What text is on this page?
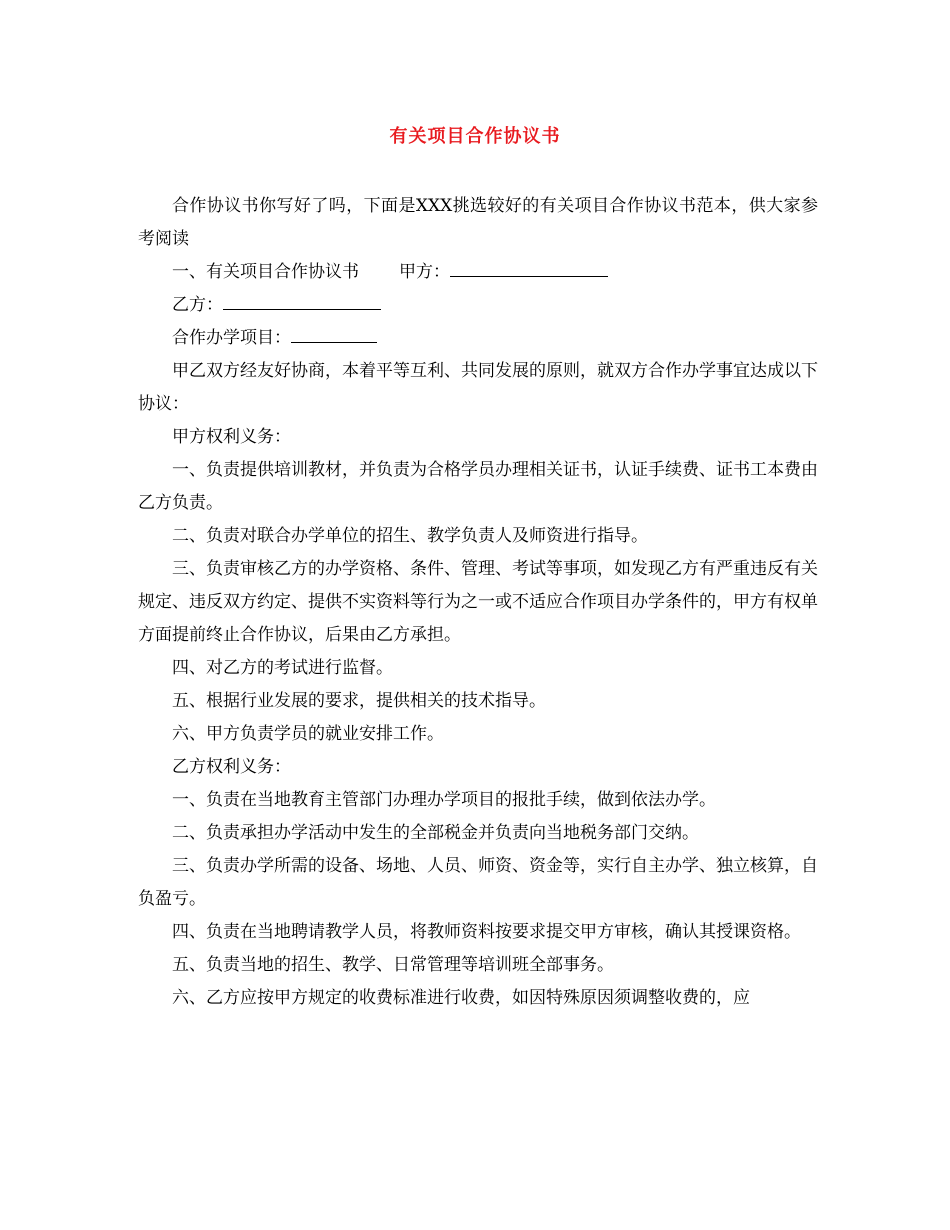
有关项目合作协议书

合作协议书你写好了吗，下面是XXX挑选较好的有关项目合作协议书范本，供大家参考阅读

一、有关项目合作协议书 甲方：

乙方：

合作办学项目：

甲乙双方经友好协商，本着平等互利、共同发展的原则，就双方合作办学事宜达成以下协议：

甲方权利义务：

一、负责提供培训教材，并负责为合格学员办理相关证书，认证手续费、证书工本费由乙方负责。

二、负责对联合办学单位的招生、教学负责人及师资进行指导。

三、负责审核乙方的办学资格、条件、管理、考试等事项，如发现乙方有严重违反有关规定、违反双方约定、提供不实资料等行为之一或不适应合作项目办学条件的，甲方有权单方面提前终止合作协议，后果由乙方承担。

四、对乙方的考试进行监督。

五、根据行业发展的要求，提供相关的技术指导。

六、甲方负责学员的就业安排工作。

乙方权利义务：

一、负责在当地教育主管部门办理办学项目的报批手续，做到依法办学。

二、负责承担办学活动中发生的全部税金并负责向当地税务部门交纳。

三、负责办学所需的设备、场地、人员、师资、资金等，实行自主办学、独立核算，自负盈亏。

四、负责在当地聘请教学人员，将教师资料按要求提交甲方审核，确认其授课资格。

五、负责当地的招生、教学、日常管理等培训班全部事务。

六、乙方应按甲方规定的收费标准进行收费，如因特殊原因须调整收费的，应
